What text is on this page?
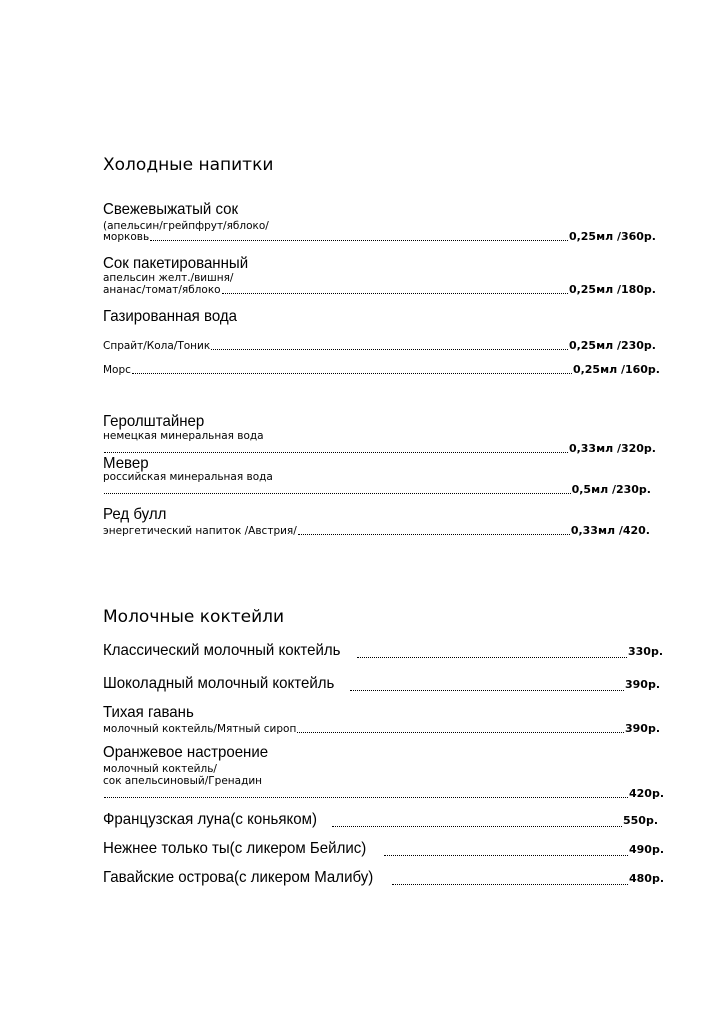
Холодные напитки
Свежевыжатый сок
(апельсин/грейпфрут/яблоко/
морковь	0,25мл /360р.
Сок пакетированный
апельсин желт./вишня/
ананас/томат/яблоко	0,25мл /180р.
Газированная вода
Спрайт/Кола/Тоник	0,25мл /230р.
Морс	0,25мл /160р.
Геролштайнер
немецкая минеральная вода
0,33мл /320р.
Мевер
российская минеральная вода
0,5мл /230р.
Ред булл
энергетический напиток /Австрия/	0,33мл /420.
Молочные коктейли
Классический молочный коктейль	330р.
Шоколадный молочный коктейль	390р.
Тихая гавань
молочный коктейль/Мятный сироп	390р.
Оранжевое настроение
молочный коктейль/
сок апельсиновый/Гренадин
420р.
Французская луна(с коньяком)	550р.
Нежнее только ты(с ликером Бейлис)	490р.
Гавайские острова(с ликером Малибу)	480р.
